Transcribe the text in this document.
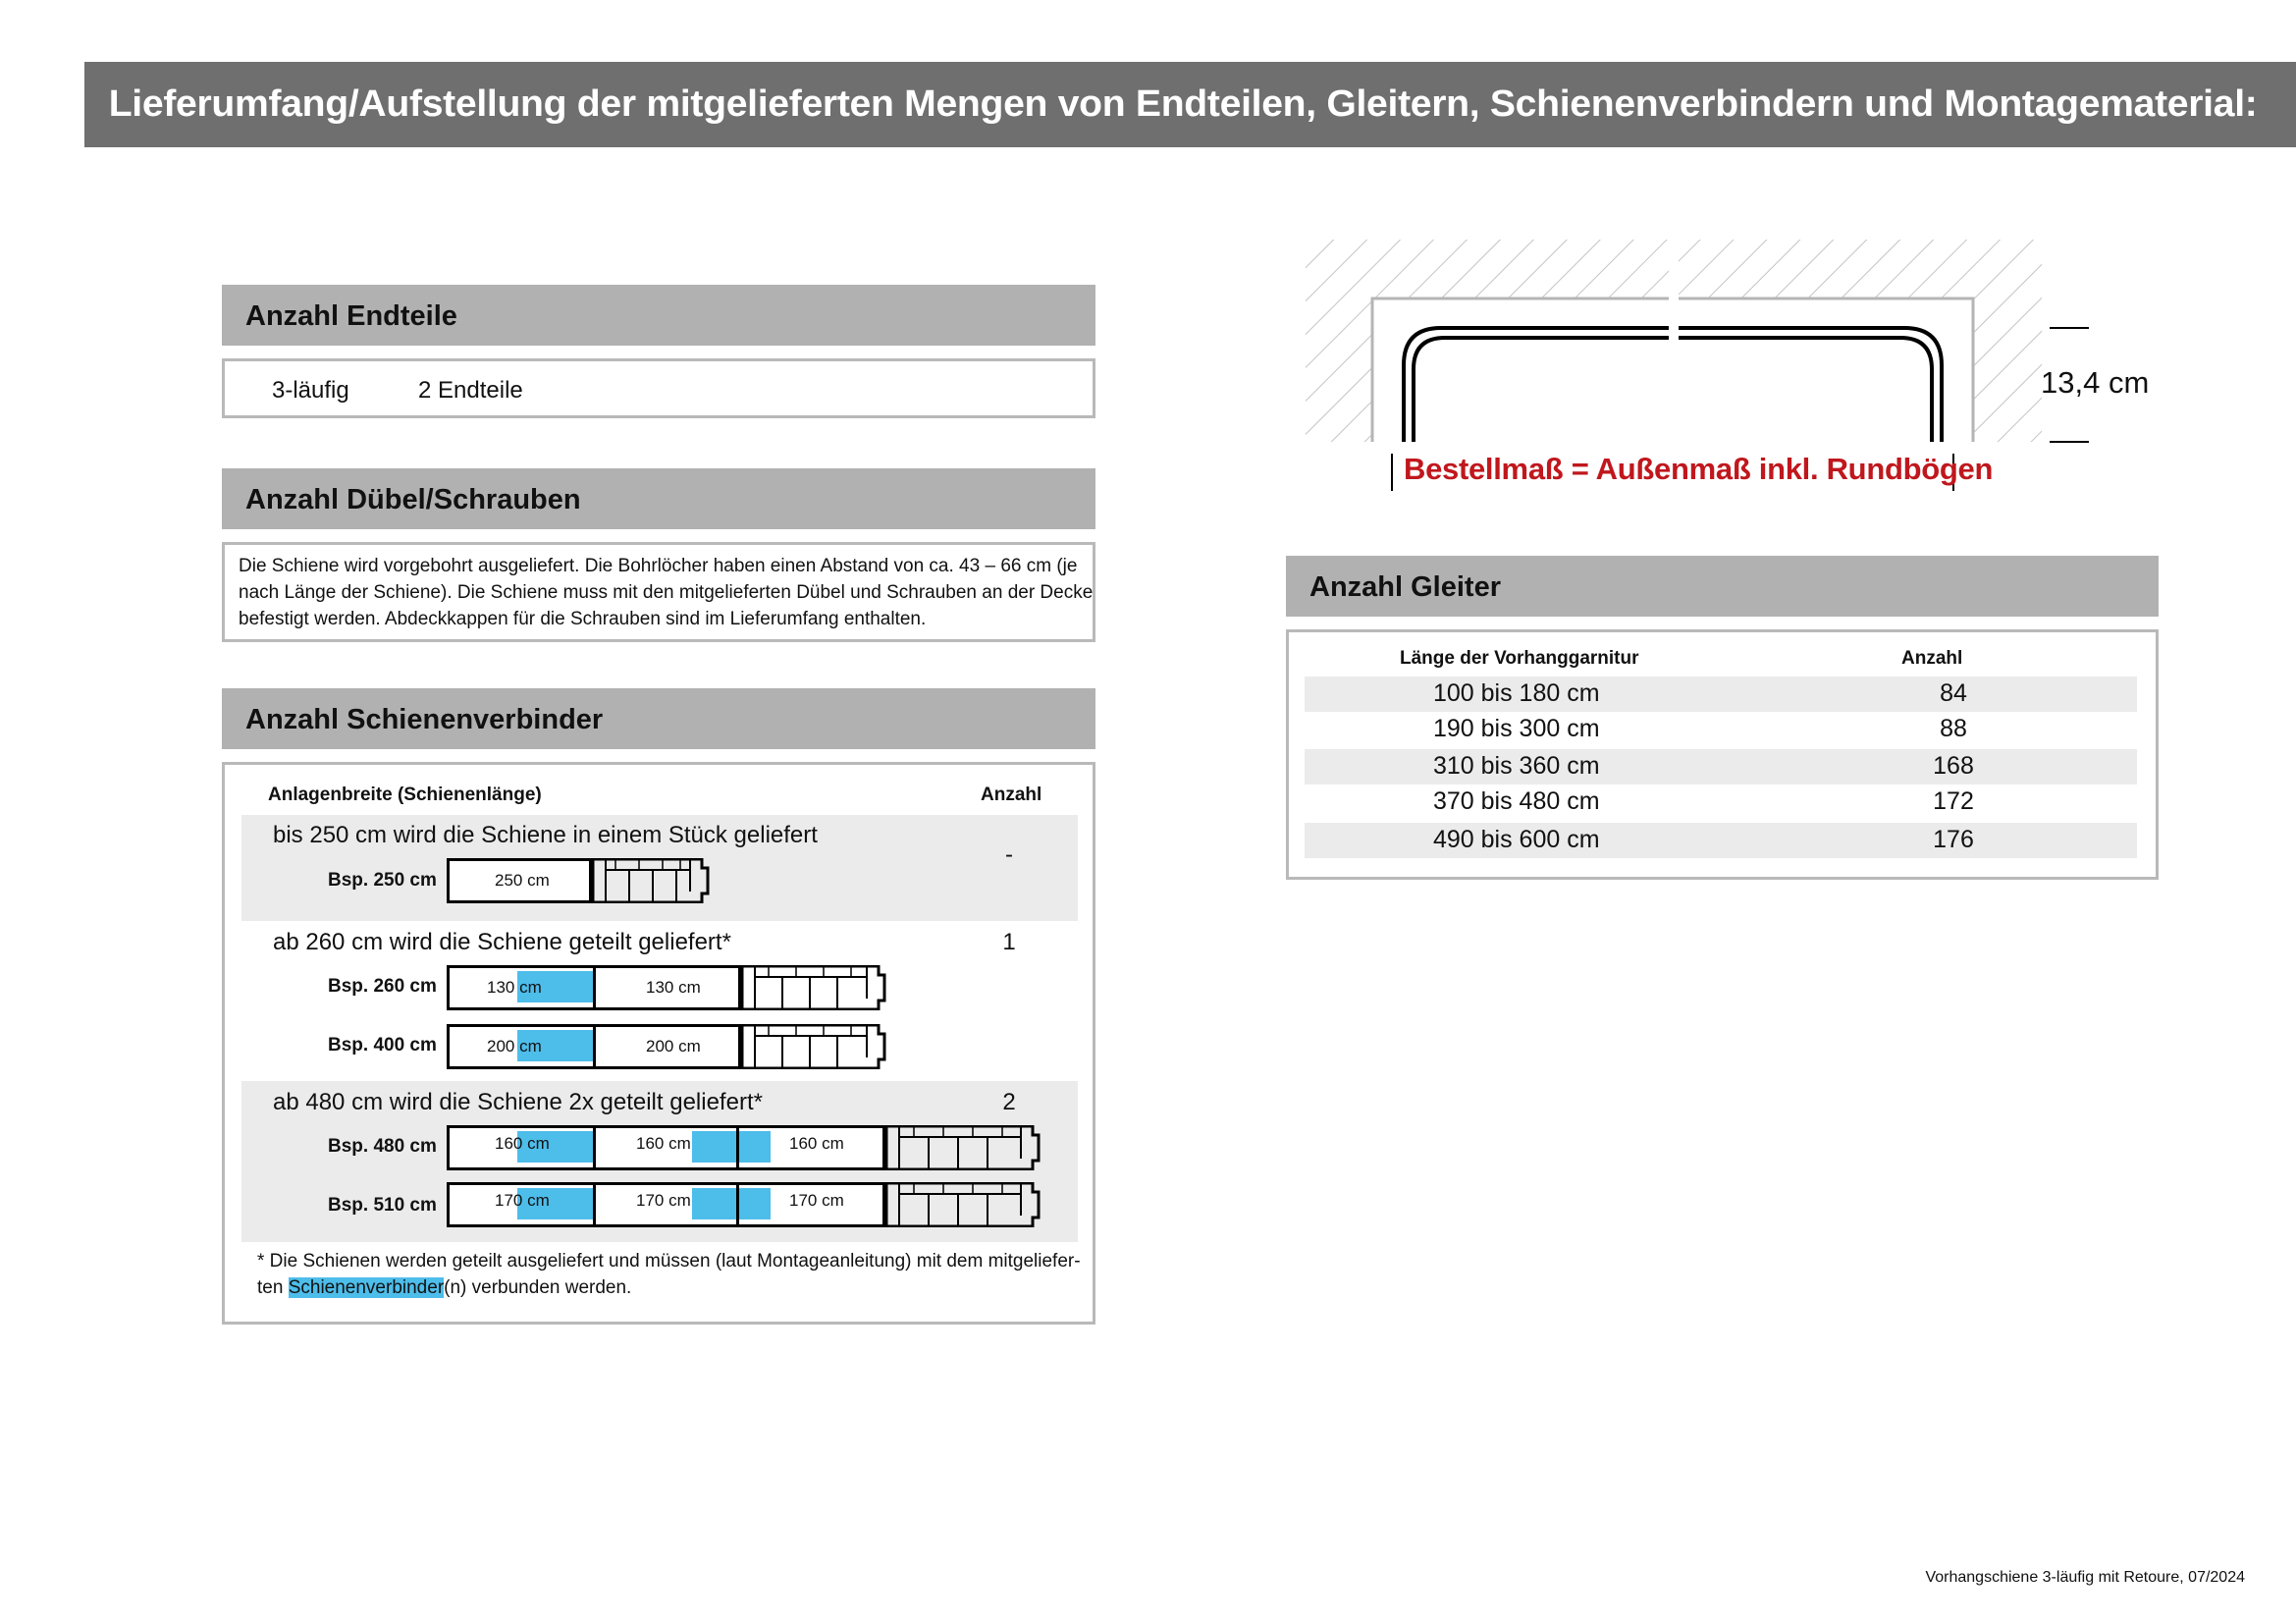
Lieferumfang/Aufstellung der mitgelieferten Mengen von Endteilen, Gleitern, Schienenverbindern und Montagematerial:
Anzahl Endteile
3-läufig	2 Endteile
Anzahl Dübel/Schrauben
Die Schiene wird vorgebohrt ausgeliefert. Die Bohrlöcher haben einen Abstand von ca. 43 – 66 cm (je
nach Länge der Schiene). Die Schiene muss mit den mitgelieferten Dübel und Schrauben an der Decke
befestigt werden. Abdeckkappen für die Schrauben sind im Lieferumfang enthalten.
Anzahl Schienenverbinder
Anlagenbreite (Schienenlänge)	Anzahl
bis 250 cm wird die Schiene in einem Stück geliefert
-
ab 260 cm wird die Schiene geteilt geliefert*	1
ab 480 cm wird die Schiene 2x geteilt geliefert*	2
Bsp. 250 cm	250 cm
Bsp. 260 cm	130 cm	130 cm
Bsp. 400 cm	200 cm	200 cm
Bsp. 480 cm	160 cm	160 cm	160 cm
Bsp. 510 cm	170 cm	170 cm	170 cm
* Die Schienen werden geteilt ausgeliefert und müssen (laut Montageanleitung) mit dem mitgeliefer-
ten Schienenverbinder(n) verbunden werden.
13,4 cm
Bestellmaß = Außenmaß inkl. Rundbögen
Anzahl Gleiter
Länge der Vorhanggarnitur	Anzahl
100 bis 180 cm	84
190 bis 300 cm	88
310 bis 360 cm	168
370 bis 480 cm	172
490 bis 600 cm	176
Vorhangschiene 3-läufig mit Retoure, 07/2024
